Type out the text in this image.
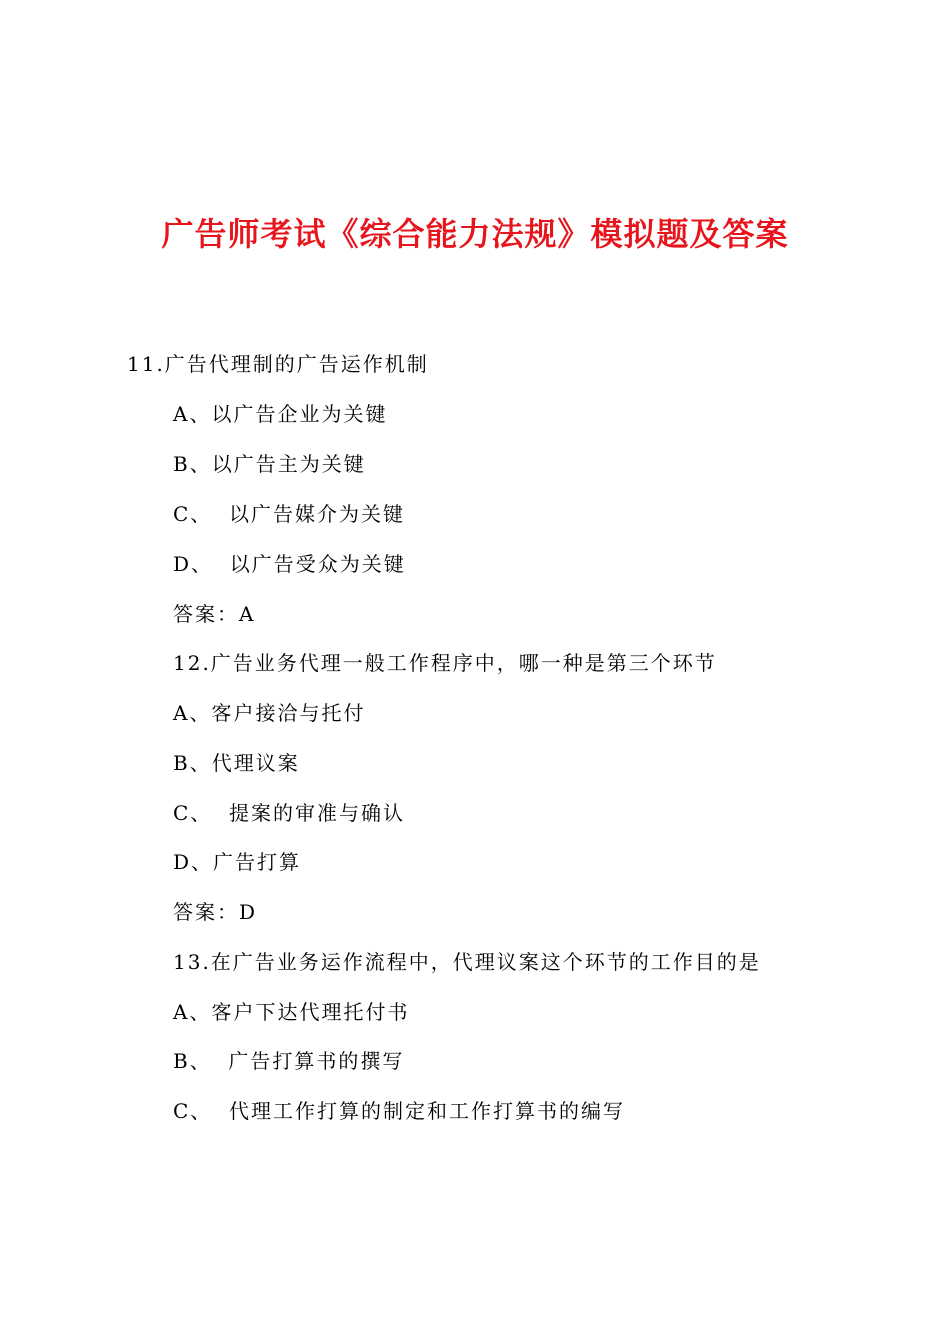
广告师考试《综合能力法规》模拟题及答案
11.广告代理制的广告运作机制
A、以广告企业为关键
B、以广告主为关键
C、  以广告媒介为关键
D、  以广告受众为关键
答案：A
12.广告业务代理一般工作程序中，哪一种是第三个环节
A、客户接洽与托付
B、代理议案
C、  提案的审准与确认
D、广告打算
答案：D
13.在广告业务运作流程中，代理议案这个环节的工作目的是
A、客户下达代理托付书
B、  广告打算书的撰写
C、  代理工作打算的制定和工作打算书的编写
